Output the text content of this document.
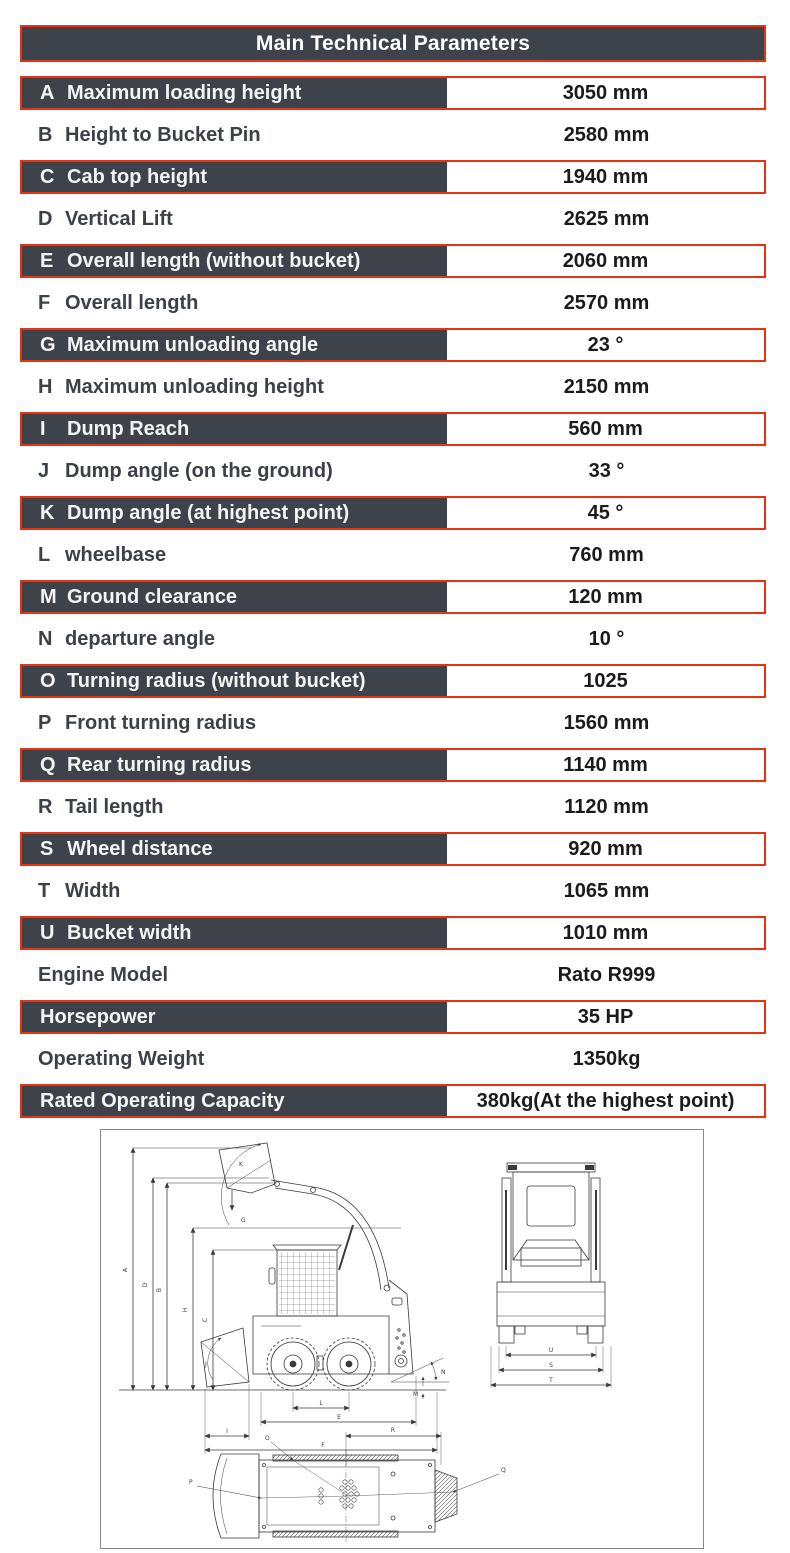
Main Technical Parameters
A Maximum loading height	3050 mm
B Height to Bucket Pin	2580 mm
C Cab top height	1940 mm
D Vertical Lift	2625 mm
E Overall length (without bucket)	2060 mm
F Overall length	2570 mm
G Maximum unloading angle	23 °
H Maximum unloading height	2150 mm
I	Dump Reach	560 mm
J Dump angle (on the ground)	33 °
K Dump angle (at highest point)	45 °
L wheelbase	760 mm
M Ground clearance	120 mm
N departure angle	10 °
O Turning radius (without bucket)	1025
P Front turning radius	1560 mm
Q Rear turning radius	1140 mm
R Tail length	1120 mm
S Wheel distance	920 mm
T Width	1065 mm
U Bucket width	1010 mm
Engine Model	Rato R999
Horsepower	35 HP
Operating Weight	1350kg
Rated Operating Capacity	380kg(At the highest point)
A
D
B
H
C
K
G
J
N
M
L
E
I
F
U
S
T
R
O
P
Q
